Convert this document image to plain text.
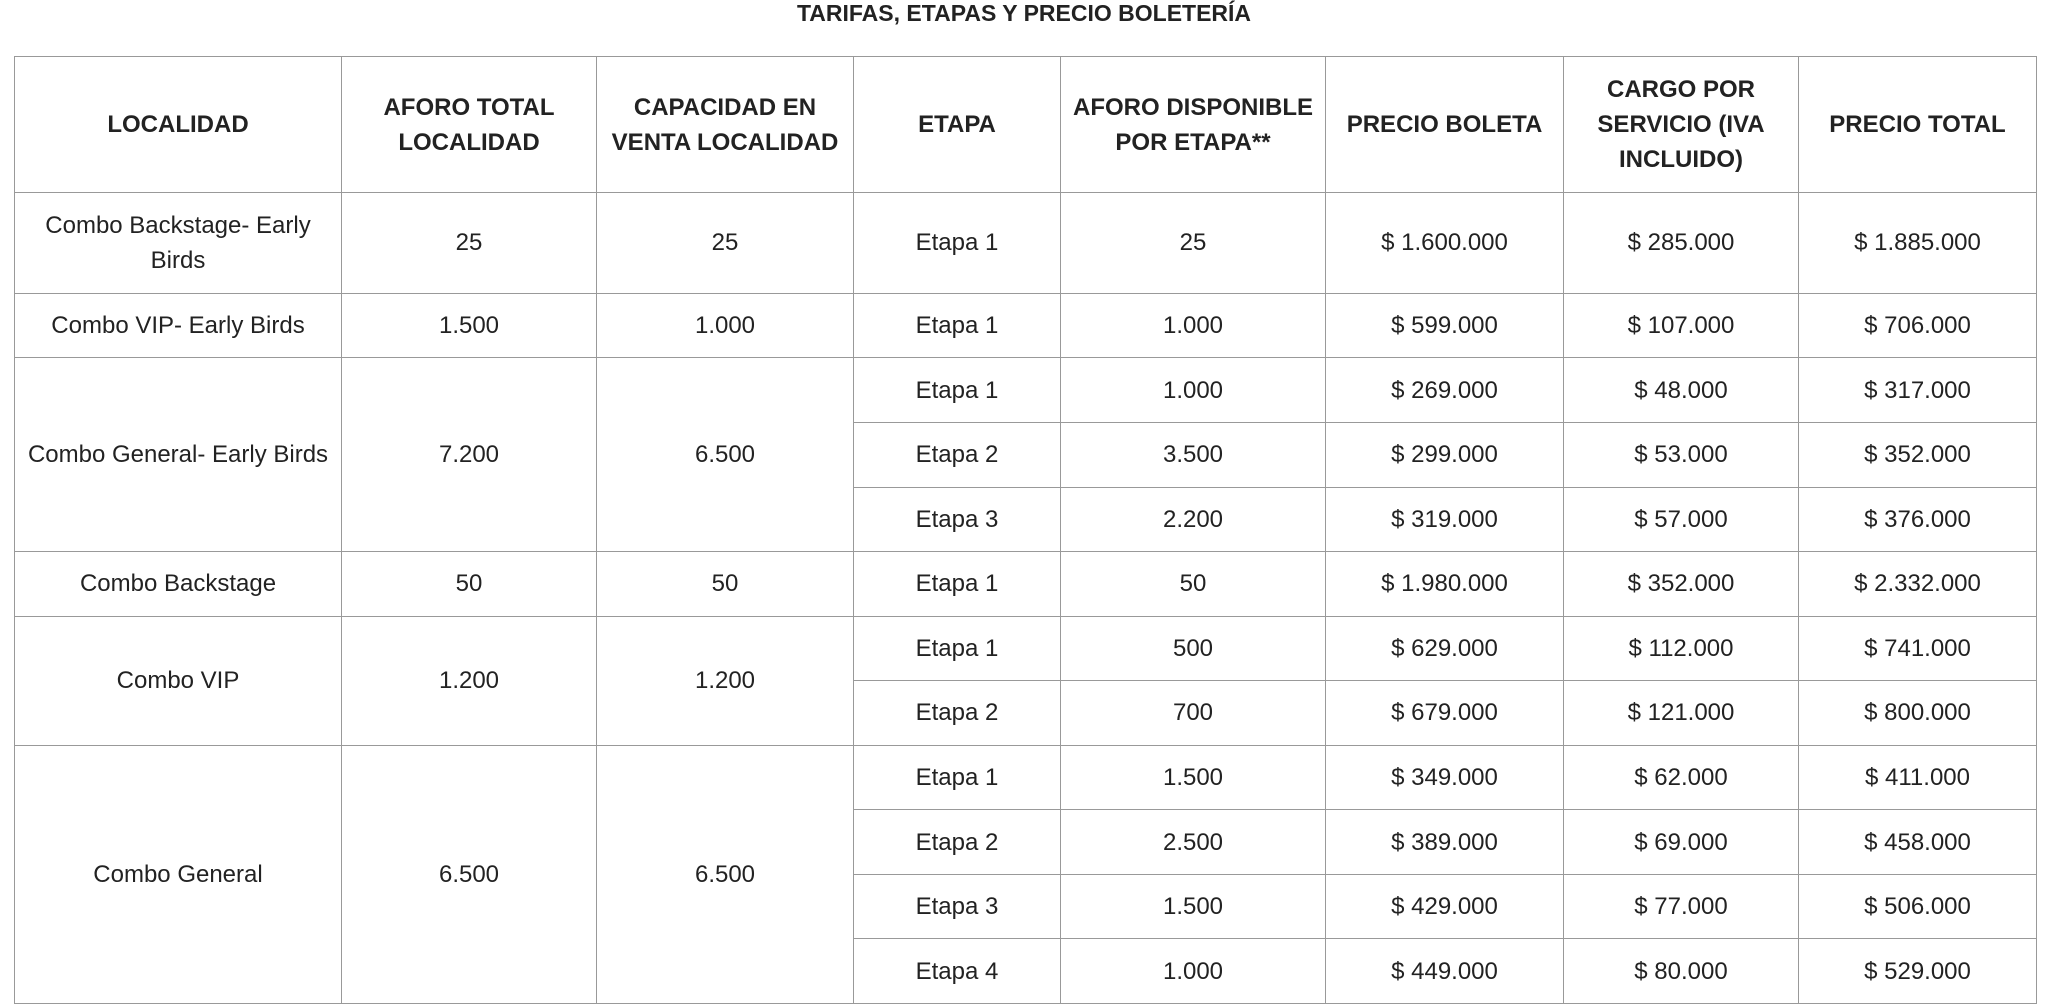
TARIFAS, ETAPAS Y PRECIO BOLETERÍA
LOCALIDAD	AFORO TOTAL LOCALIDAD	CAPACIDAD EN VENTA LOCALIDAD	ETAPA	AFORO DISPONIBLE POR ETAPA**	PRECIO BOLETA	CARGO POR SERVICIO (IVA INCLUIDO)	PRECIO TOTAL
Combo Backstage- Early Birds	25	25	Etapa 1	25	$ 1.600.000	$ 285.000	$ 1.885.000
Combo VIP- Early Birds	1.500	1.000	Etapa 1	1.000	$ 599.000	$ 107.000	$ 706.000
Combo General- Early Birds	7.200	6.500	Etapa 1	1.000	$ 269.000	$ 48.000	$ 317.000
			Etapa 2	3.500	$ 299.000	$ 53.000	$ 352.000
			Etapa 3	2.200	$ 319.000	$ 57.000	$ 376.000
Combo Backstage	50	50	Etapa 1	50	$ 1.980.000	$ 352.000	$ 2.332.000
Combo VIP	1.200	1.200	Etapa 1	500	$ 629.000	$ 112.000	$ 741.000
			Etapa 2	700	$ 679.000	$ 121.000	$ 800.000
Combo General	6.500	6.500	Etapa 1	1.500	$ 349.000	$ 62.000	$ 411.000
			Etapa 2	2.500	$ 389.000	$ 69.000	$ 458.000
			Etapa 3	1.500	$ 429.000	$ 77.000	$ 506.000
			Etapa 4	1.000	$ 449.000	$ 80.000	$ 529.000
